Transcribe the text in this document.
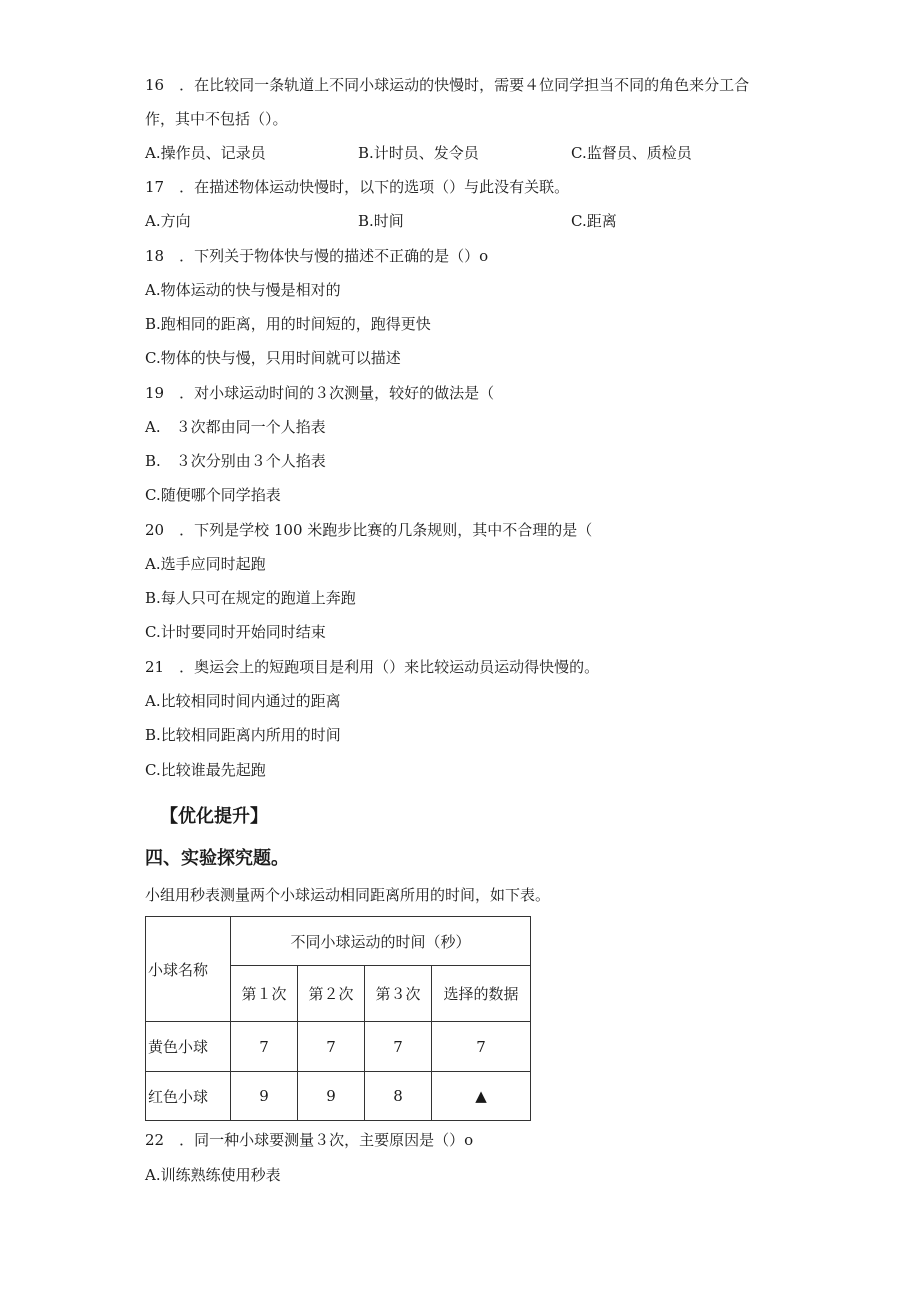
16　．在比较同一条轨道上不同小球运动的快慢时，需要４位同学担当不同的角色来分工合
作，其中不包括（）。
A.操作员、记录员	B.计时员、发令员	C.监督员、质检员
17　．在描述物体运动快慢时，以下的选项（）与此没有关联。
A.方向	B.时间	C.距离
18　．下列关于物体快与慢的描述不正确的是（）o
A.物体运动的快与慢是相对的
B.跑相同的距离，用的时间短的，跑得更快
C.物体的快与慢，只用时间就可以描述
19　．对小球运动时间的３次测量，较好的做法是（
A.　３次都由同一个人掐表
B.　３次分别由３个人掐表
C.随便哪个同学掐表
20　．下列是学校 100 米跑步比赛的几条规则，其中不合理的是（
A.选手应同时起跑
B.每人只可在规定的跑道上奔跑
C.计时要同时开始同时结束
21　．奥运会上的短跑项目是利用（）来比较运动员运动得快慢的。
A.比较相同时间内通过的距离
B.比较相同距离内所用的时间
C.比较谁最先起跑
【优化提升】
四、实验探究题。
小组用秒表测量两个小球运动相同距离所用的时间，如下表。
小球名称	不同小球运动的时间（秒）			
	第１次	第２次	第３次	选择的数据
黄色小球	7	7	7	7
红色小球	9	9	8	▲
22　．同一种小球要测量３次，主要原因是（）o
A.训练熟练使用秒表
